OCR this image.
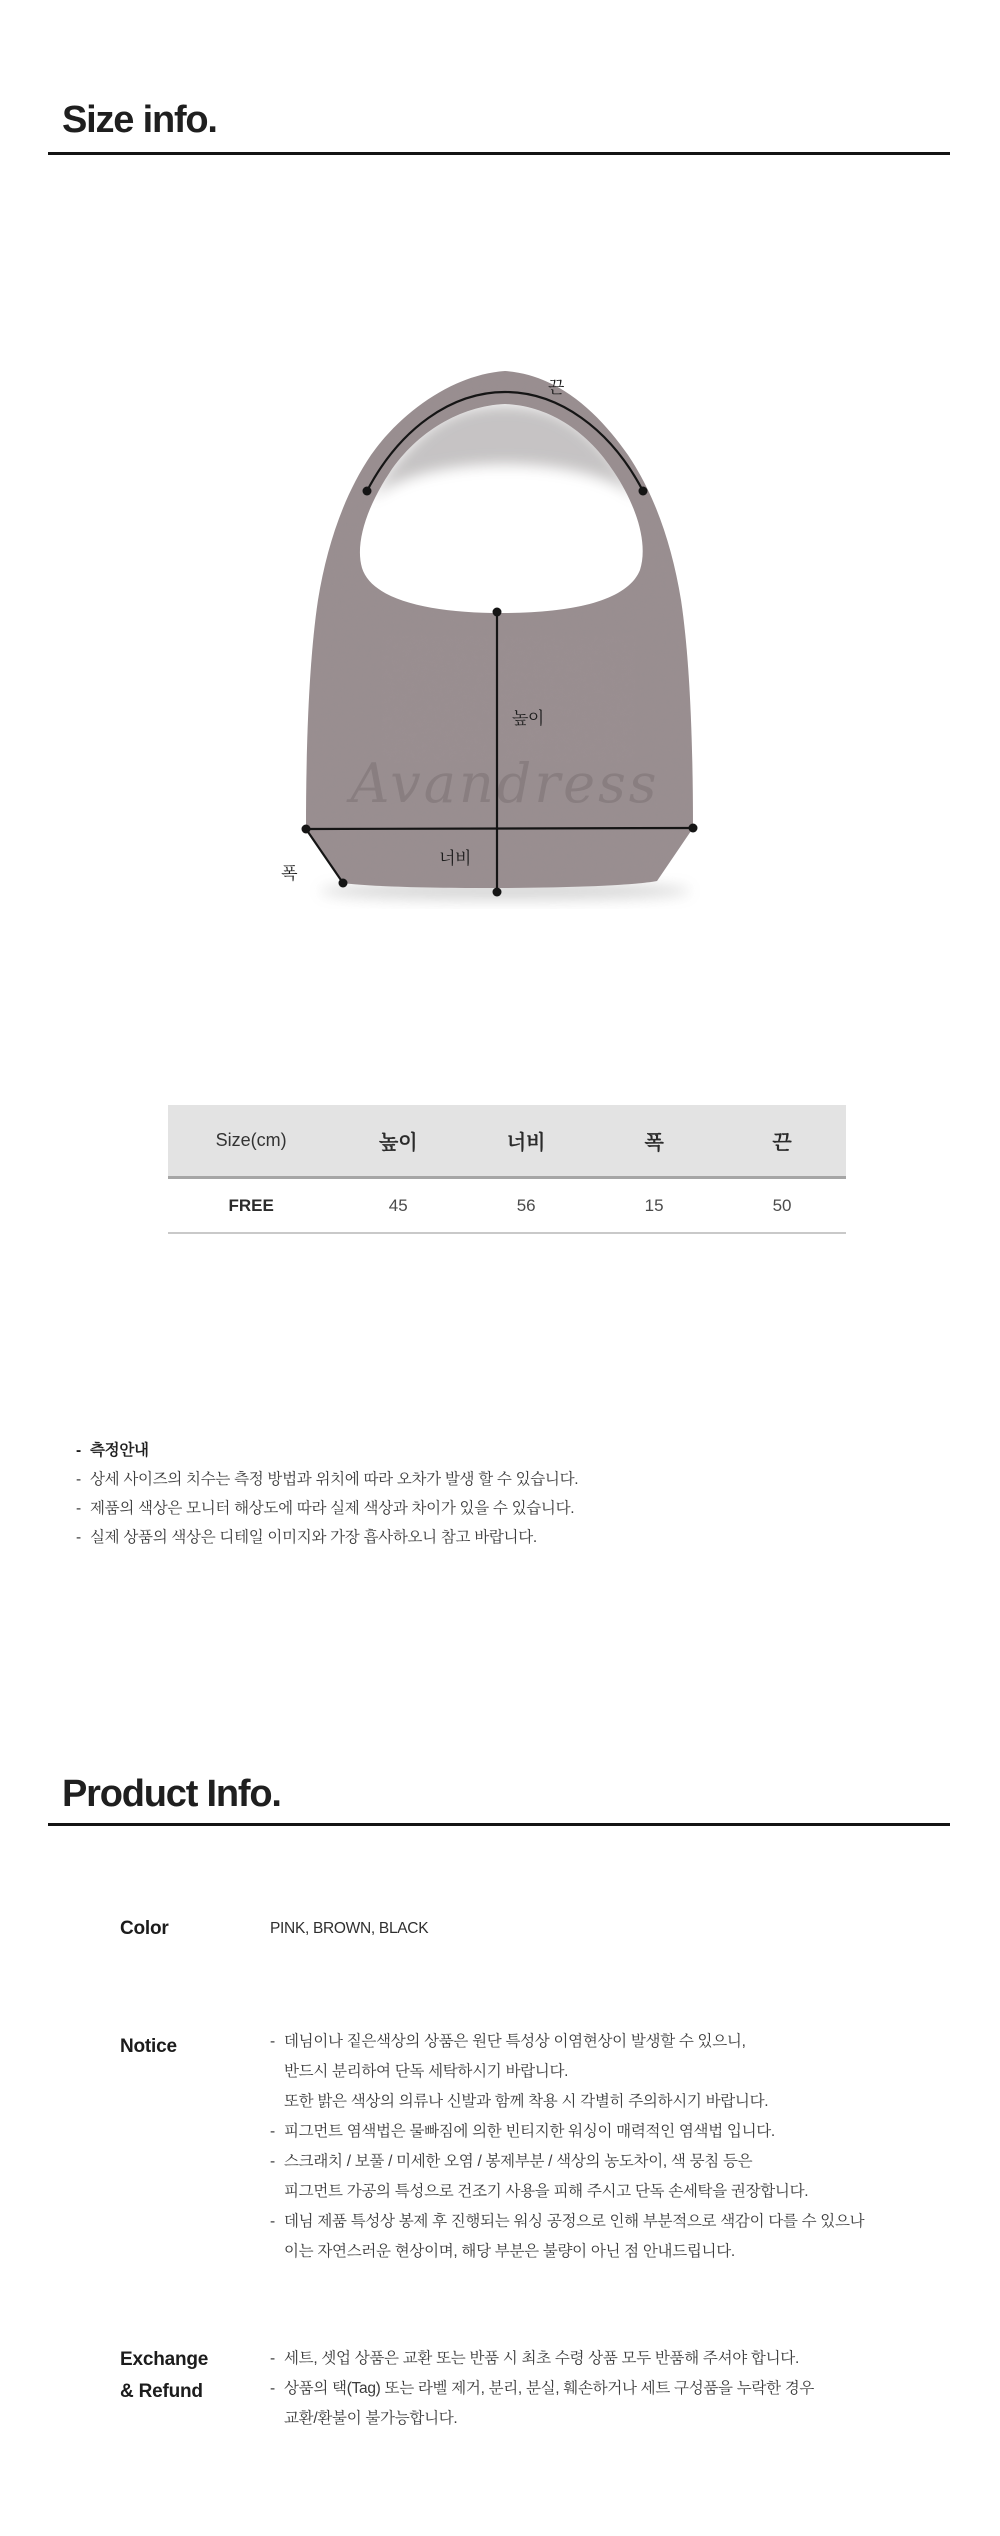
Size info.
Avandress
끈
높이
너비
폭
Size(cm)	높이	너비	폭	끈
FREE	45	56	15	50
- 측정안내
- 상세 사이즈의 치수는 측정 방법과 위치에 따라 오차가 발생 할 수 있습니다.
- 제품의 색상은 모니터 해상도에 따라 실제 색상과 차이가 있을 수 있습니다.
- 실제 상품의 색상은 디테일 이미지와 가장 흡사하오니 참고 바랍니다.
Product Info.
Color	PINK, BROWN, BLACK
Notice	- 데님이나 짙은색상의 상품은 원단 특성상 이염현상이 발생할 수 있으니,
반드시 분리하여 단독 세탁하시기 바랍니다.
또한 밝은 색상의 의류나 신발과 함께 착용 시 각별히 주의하시기 바랍니다.
- 피그먼트 염색법은 물빠짐에 의한 빈티지한 워싱이 매력적인 염색법 입니다.
- 스크래치 / 보풀 / 미세한 오염 / 봉제부분 / 색상의 농도차이, 색 뭉침 등은
피그먼트 가공의 특성으로 건조기 사용을 피해 주시고 단독 손세탁을 권장합니다.
- 데님 제품 특성상 봉제 후 진행되는 워싱 공정으로 인해 부분적으로 색감이 다를 수 있으나
이는 자연스러운 현상이며, 해당 부분은 불량이 아닌 점 안내드립니다.
Exchange
& Refund
- 세트, 셋업 상품은 교환 또는 반품 시 최초 수령 상품 모두 반품해 주셔야 합니다.
- 상품의 택(Tag) 또는 라벨 제거, 분리, 분실, 훼손하거나 세트 구성품을 누락한 경우
교환/환불이 불가능합니다.
